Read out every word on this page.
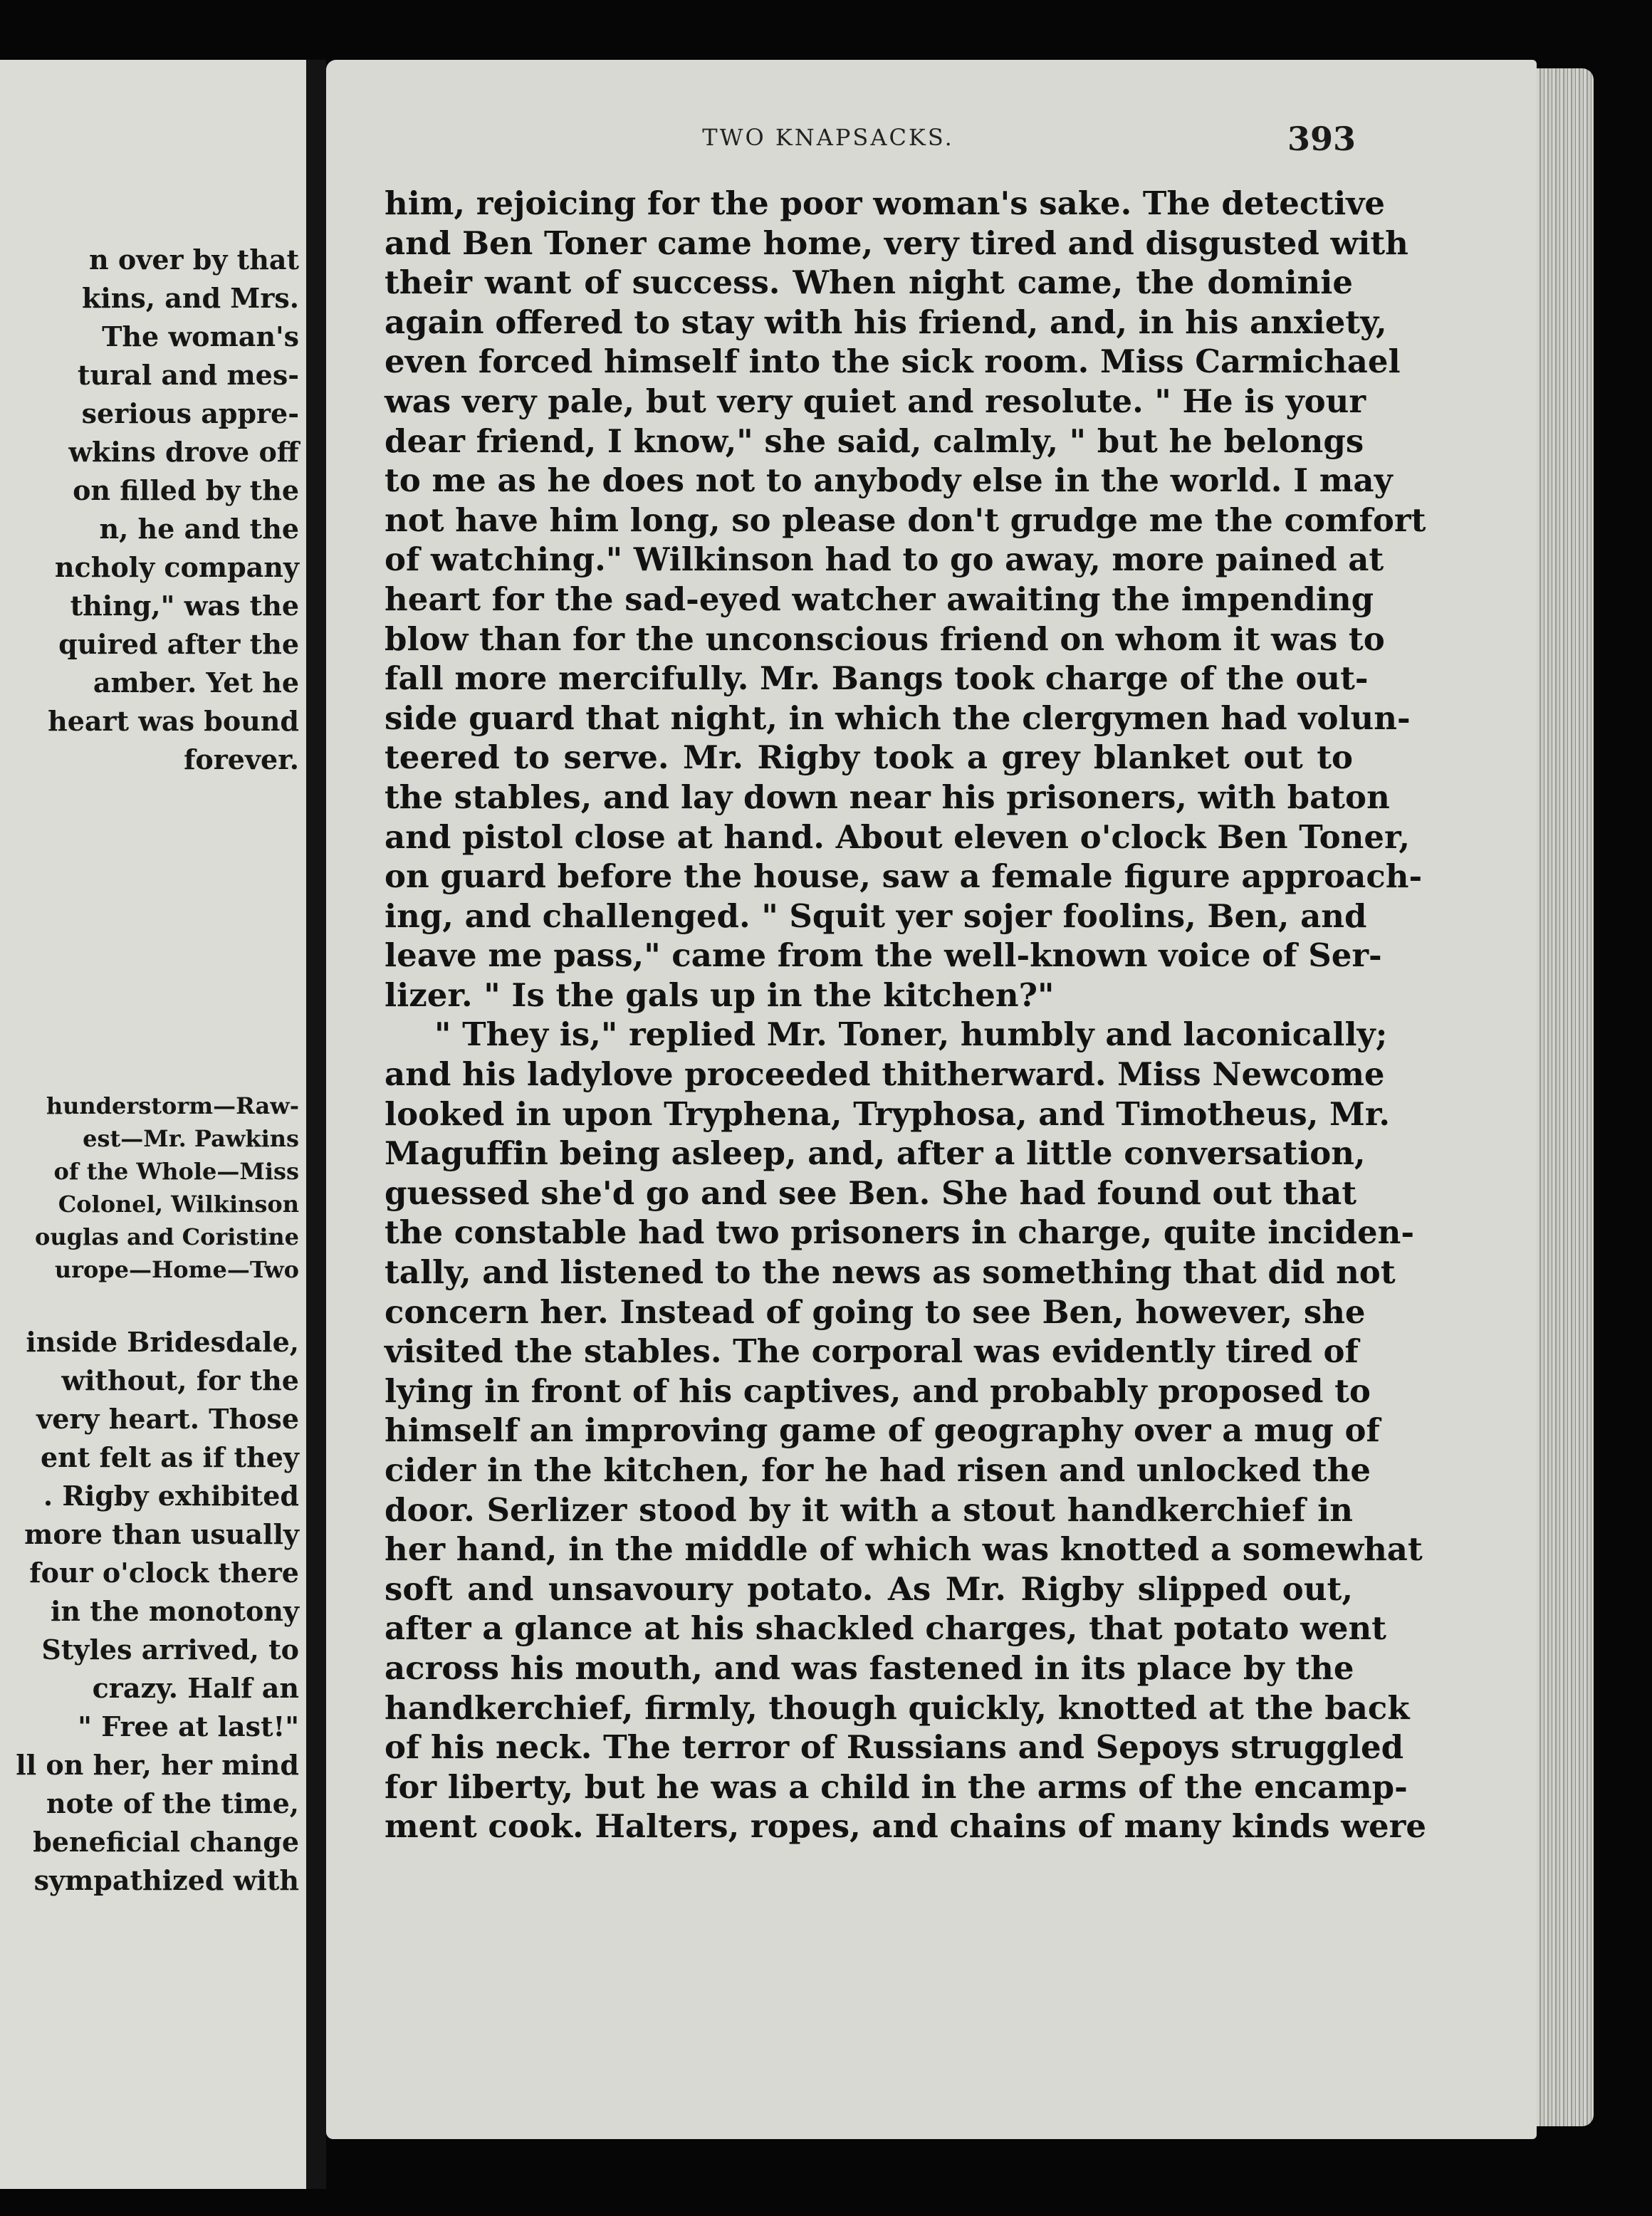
n over by that
kins, and Mrs.
The woman's
tural and mes-
serious appre-
wkins drove off
on filled by the
n, he and the
ncholy company
thing," was the
quired after the
amber. Yet he
heart was bound
forever.
hunderstorm—Raw-
est—Mr. Pawkins
of the Whole—Miss
Colonel, Wilkinson
ouglas and Coristine
urope—Home—Two
inside Bridesdale,
without, for the
very heart. Those
ent felt as if they
. Rigby exhibited
more than usually
four o'clock there
in the monotony
Styles arrived, to
crazy. Half an
" Free at last!"
ll on her, her mind
note of the time,
beneficial change
sympathized with
TWO KNAPSACKS.	393
him, rejoicing for the poor woman's sake. The detective
and Ben Toner came home, very tired and disgusted with
their want of success. When night came, the dominie
again offered to stay with his friend, and, in his anxiety,
even forced himself into the sick room. Miss Carmichael
was very pale, but very quiet and resolute. " He is your
dear friend, I know," she said, calmly, " but he belongs
to me as he does not to anybody else in the world. I may
not have him long, so please don't grudge me the comfort
of watching." Wilkinson had to go away, more pained at
heart for the sad-eyed watcher awaiting the impending
blow than for the unconscious friend on whom it was to
fall more mercifully. Mr. Bangs took charge of the out-
side guard that night, in which the clergymen had volun-
teered to serve. Mr. Rigby took a grey blanket out to
the stables, and lay down near his prisoners, with baton
and pistol close at hand. About eleven o'clock Ben Toner,
on guard before the house, saw a female figure approach-
ing, and challenged. " Squit yer sojer foolins, Ben, and
leave me pass," came from the well-known voice of Ser-
lizer. " Is the gals up in the kitchen?"
" They is," replied Mr. Toner, humbly and laconically;
and his ladylove proceeded thitherward. Miss Newcome
looked in upon Tryphena, Tryphosa, and Timotheus, Mr.
Maguffin being asleep, and, after a little conversation,
guessed she'd go and see Ben. She had found out that
the constable had two prisoners in charge, quite inciden-
tally, and listened to the news as something that did not
concern her. Instead of going to see Ben, however, she
visited the stables. The corporal was evidently tired of
lying in front of his captives, and probably proposed to
himself an improving game of geography over a mug of
cider in the kitchen, for he had risen and unlocked the
door. Serlizer stood by it with a stout handkerchief in
her hand, in the middle of which was knotted a somewhat
soft and unsavoury potato. As Mr. Rigby slipped out,
after a glance at his shackled charges, that potato went
across his mouth, and was fastened in its place by the
handkerchief, firmly, though quickly, knotted at the back
of his neck. The terror of Russians and Sepoys struggled
for liberty, but he was a child in the arms of the encamp-
ment cook. Halters, ropes, and chains of many kinds were
